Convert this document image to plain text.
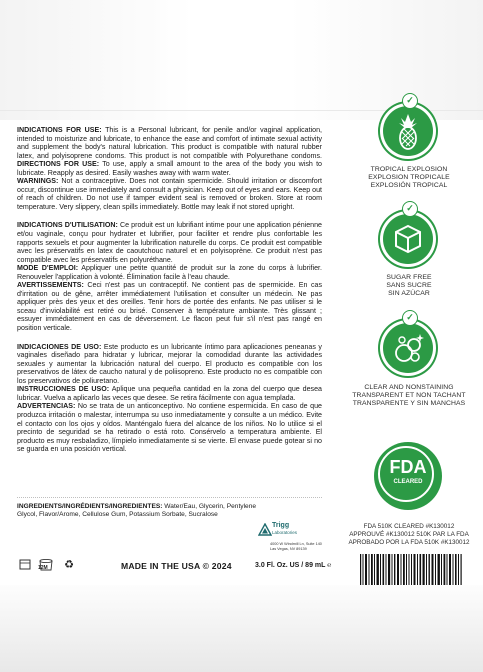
INDICATIONS FOR USE: This is a Personal lubricant, for penile and/or vaginal application, intended to moisturize and lubricate, to enhance the ease and comfort of intimate sexual activity and supplement the body's natural lubrication. This product is compatible with natural rubber latex, and polyisoprene condoms. This product is not compatible with Polyurethane condoms. DIRECTIONS FOR USE: To use, apply a small amount to the area of the body you wish to lubricate. Reapply as desired. Easily washes away with warm water.
WARNINGS: Not a contraceptive. Does not contain spermicide. Should irritation or discomfort occur, discontinue use immediately and consult a physician. Keep out of eyes and ears. Keep out of reach of children. Do not use if tamper evident seal is removed or broken. Store at room temperature. Very slippery, clean spills immediately. Bottle may leak if not stored upright.

INDICATIONS D'UTILISATION: Ce produit est un lubrifiant intime pour une application pénienne et/ou vaginale, conçu pour hydrater et lubrifier, pour faciliter et rendre plus confortable les rapports sexuels et pour augmenter la lubrification naturelle du corps. Ce produit est compatible avec les préservatifs en latex de caoutchouc naturel et en polyisoprène. Ce produit n'est pas compatible avec les préservatifs en polyuréthane.
MODE D'EMPLOI: Appliquer une petite quantité de produit sur la zone du corps à lubrifier. Renouveler l'application à volonté. Élimination facile à l'eau chaude.
AVERTISSEMENTS: Ceci n'est pas un contraceptif. Ne contient pas de spermicide. En cas d'irritation ou de gêne, arrêter immédiatement l'utilisation et consulter un médecin. Ne pas appliquer près des yeux et des oreilles. Tenir hors de portée des enfants. Ne pas utiliser si le sceau d'inviolabilité est retiré ou brisé. Conserver à température ambiante. Très glissant ; essuyer immédiatement en cas de déversement. Le flacon peut fuir s'il n'est pas rangé en position verticale.

INDICACIONES DE USO: Este producto es un lubricante íntimo para aplicaciones peneanas y vaginales diseñado para hidratar y lubricar, mejorar la comodidad durante las actividades sexuales y aumentar la lubricación natural del cuerpo. El producto es compatible con los preservativos de látex de caucho natural y de poliisopreno. Este producto no es compatible con los preservativos de poliuretano.
INSTRUCCIONES DE USO: Aplique una pequeña cantidad en la zona del cuerpo que desea lubricar. Vuelva a aplicarlo las veces que desee. Se retira fácilmente con agua templada.
ADVERTENCIAS: No se trata de un anticonceptivo. No contiene espermicida. En caso de que produzca irritación o malestar, interrumpa su uso inmediatamente y consulte a un médico. Evite el contacto con los ojos y oídos. Manténgalo fuera del alcance de los niños. No lo utilice si el precinto de seguridad se ha retirado o está roto. Consérvelo a temperatura ambiente. El producto es muy resbaladizo, límpielo inmediatamente si se vierte. El envase puede gotear si no se guarda en una posición vertical.

INGREDIENTS/INGRÉDIENTS/INGREDIENTES: Water/Eau, Glycerin, Pentylene Glycol, Flavor/Arome, Cellulose Gum, Potassium Sorbate, Sucralose
Trigg
Laboratories
4000 W Windmill Ln, Suite 140
Las Vegas, NV 89139
12M ♻	MADE IN THE USA © 2024	3.0 Fl. Oz. US / 89 mL ℮
✓
TROPICAL EXPLOSION
EXPLOSION TROPICALE
EXPLOSIÓN TROPICAL
✓
SUGAR FREE
SANS SUCRE
SIN AZÚCAR
✓
CLEAR AND NONSTAINING
TRANSPARENT ET NON TACHANT
TRANSPARENTE Y SIN MANCHAS
FDA
CLEARED
FDA 510K CLEARED #K130012
APPROUVÉ #K130012 510K PAR LA FDA
APROBADO POR LA FDA 510K #K130012
